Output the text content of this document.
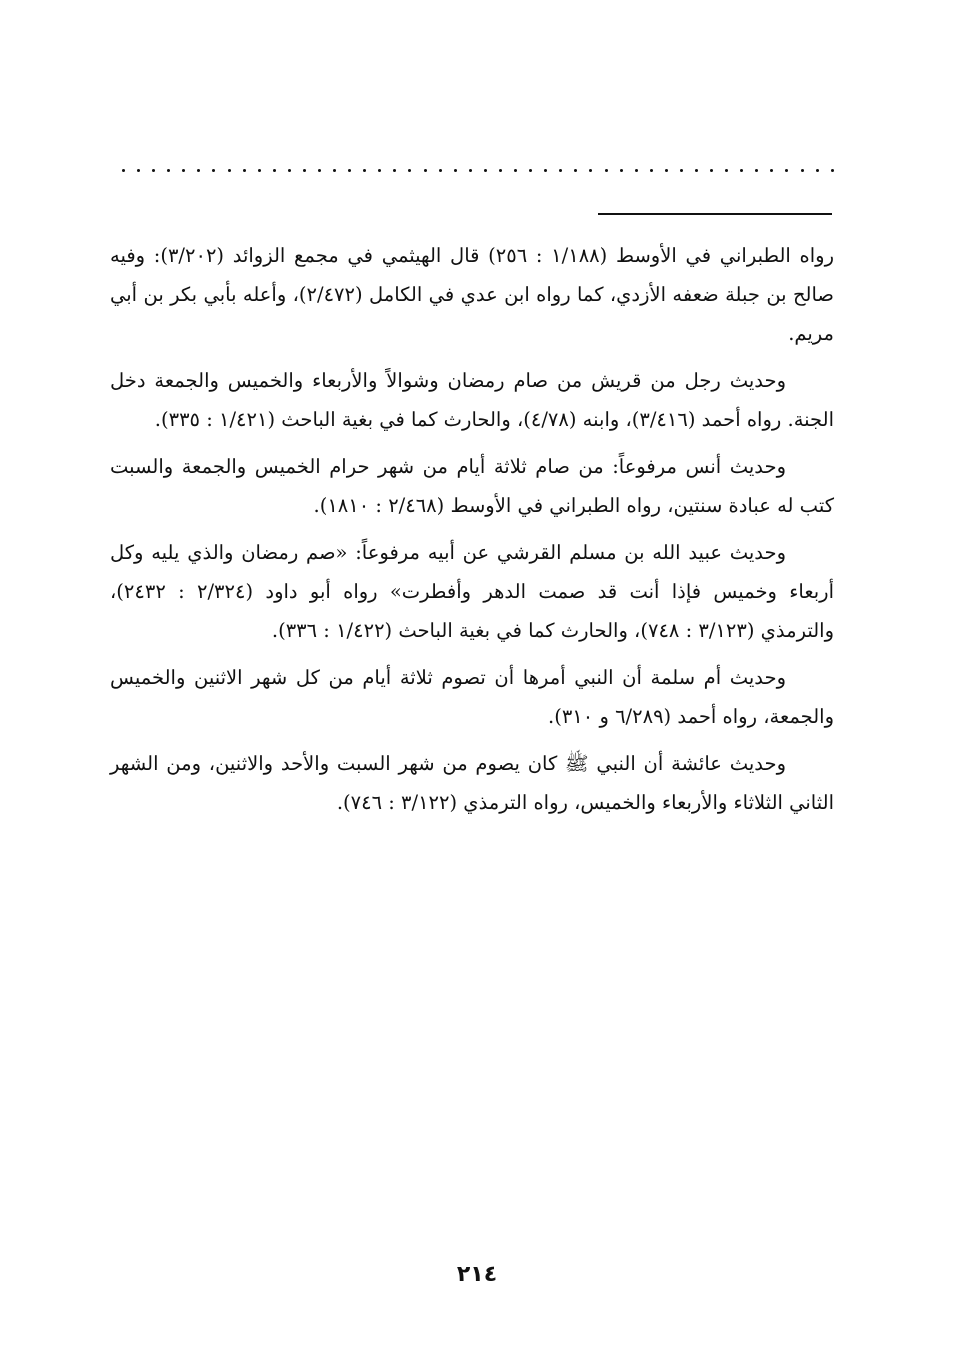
رواه الطبراني في الأوسط (١/١٨٨ : ٢٥٦) قال الهيثمي في مجمع الزوائد (٣/٢٠٢): وفيه صالح بن جبلة ضعفه الأزدي، كما رواه ابن عدي في الكامل (٢/٤٧٢)، وأعله بأبي بكر بن أبي مريم.

وحديث رجل من قريش من صام رمضان وشوالاً والأربعاء والخميس والجمعة دخل الجنة. رواه أحمد (٣/٤١٦)، وابنه (٤/٧٨)، والحارث كما في بغية الباحث (١/٤٢١ : ٣٣٥).

وحديث أنس مرفوعاً: من صام ثلاثة أيام من شهر حرام الخميس والجمعة والسبت كتب له عبادة سنتين، رواه الطبراني في الأوسط (٢/٤٦٨ : ١٨١٠).

وحديث عبيد الله بن مسلم القرشي عن أبيه مرفوعاً: «صم رمضان والذي يليه وكل أربعاء وخميس فإذا أنت قد صمت الدهر وأفطرت» رواه أبو داود (٢/٣٢٤ : ٢٤٣٢)، والترمذي (٣/١٢٣ : ٧٤٨)، والحارث كما في بغية الباحث (١/٤٢٢ : ٣٣٦).

وحديث أم سلمة أن النبي أمرها أن تصوم ثلاثة أيام من كل شهر الاثنين والخميس والجمعة، رواه أحمد (٦/٢٨٩ و ٣١٠).

وحديث عائشة أن النبي ﷺ كان يصوم من شهر السبت والأحد والاثنين، ومن الشهر الثاني الثلاثاء والأربعاء والخميس، رواه الترمذي (٣/١٢٢ : ٧٤٦).

٢١٤
